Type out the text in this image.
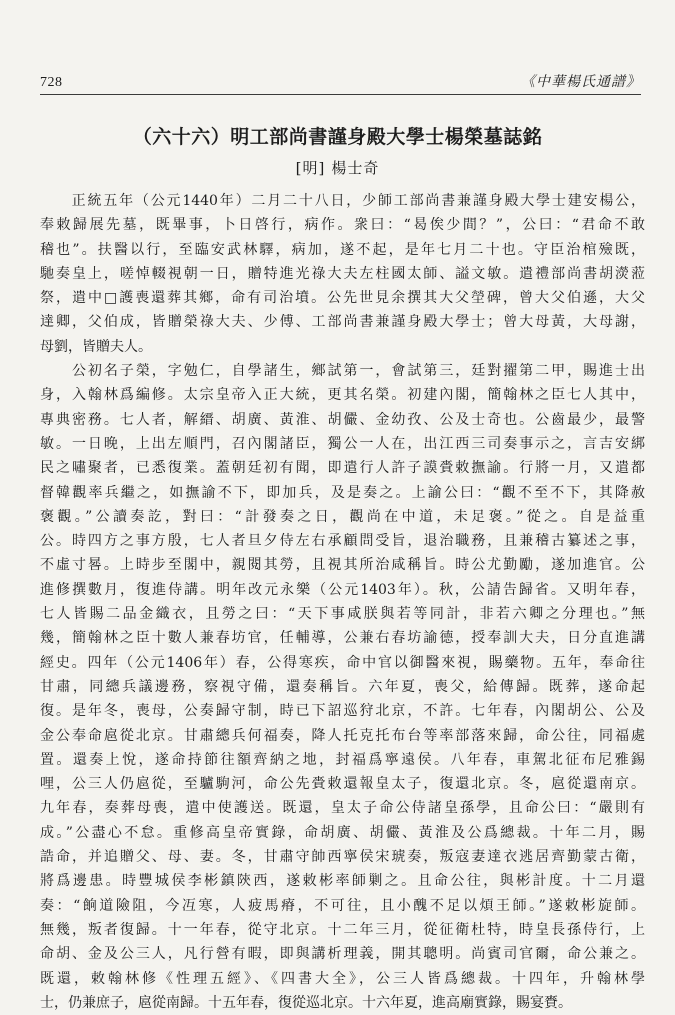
728	《中華楊氏通譜》
（六十六）明工部尚書謹身殿大學士楊榮墓誌銘
[明] 楊士奇
　　正統五年（公元1440年）二月二十八日，少師工部尚書兼謹身殿大學士建安楊公，
奉敕歸展先墓，既畢事，卜日啓行，病作。衆曰：“曷俟少間？”，公曰：“君命不敢
稽也”。扶醫以行，至臨安武林驛，病加，遂不起，是年七月二十也。守臣治棺殮既，
馳奏皇上，嗟悼輟視朝一日，贈特進光祿大夫左柱國太師、謚文敏。遣禮部尚書胡濙蒞
祭，遣中□護喪還葬其鄉，命有司治墳。公先世見余撰其大父塋碑，曾大父伯遜，大父
達卿，父伯成，皆贈榮祿大夫、少傅、工部尚書兼謹身殿大學士；曾大母黃，大母謝，
母劉，皆贈夫人。
　　公初名子榮，字勉仁，自學諸生，鄉試第一，會試第三，廷對擢第二甲，賜進士出
身，入翰林爲編修。太宗皇帝入正大統，更其名榮。初建內閣，簡翰林之臣七人其中，
專典密務。七人者，解縉、胡廣、黃淮、胡儼、金幼孜、公及士奇也。公齒最少，最警
敏。一日晚，上出左順門，召內閣諸臣，獨公一人在，出江西三司奏事示之，言吉安綁
民之嘯聚者，已悉復業。蓋朝廷初有聞，即遣行人許子謨賫敕撫諭。行將一月，又遣都
督韓觀率兵繼之，如撫諭不下，即加兵，及是奏之。上諭公曰：“觀不至不下，其降赦
褒觀。”公讀奏訖，對曰：“計發奏之日，觀尚在中道，未足褒。”從之。自是益重
公。時四方之事方殷，七人者旦夕侍左右承顧問受旨，退治職務，且兼稽古纂述之事，
不虛寸晷。上時步至閣中，親閱其勞，且視其所治咸稱旨。時公尤勤勵，遂加進官。公
進修撰數月，復進侍講。明年改元永樂（公元1403年）。秋，公請告歸省。又明年春，
七人皆賜二品金織衣，且勞之曰：“天下事咸朕與若等同計，非若六卿之分理也。”無
幾，簡翰林之臣十數人兼春坊官，任輔導，公兼右春坊諭德，授奉訓大夫，日分直進講
經史。四年（公元1406年）春，公得寒疾，命中官以御醫來視，賜藥物。五年，奉命往
甘肅，同總兵議邊務，察視守備，還奏稱旨。六年夏，喪父，給傳歸。既葬，遂命起
復。是年冬，喪母，公奏歸守制，時已下詔巡狩北京，不許。七年春，內閣胡公、公及
金公奉命扈從北京。甘肅總兵何福奏，降人托克托布台等率部落來歸，命公往，同福處
置。還奏上悅，遂命持節往額齊納之地，封福爲寧遠侯。八年春，車駕北征布尼雅錫
哩，公三人仍扈從，至驢駒河，命公先賫敕還報皇太子，復還北京。冬，扈從還南京。
九年春，奏葬母喪，遣中使護送。既還，皇太子命公侍諸皇孫學，且命公曰：“嚴則有
成。”公盡心不怠。重修高皇帝實錄，命胡廣、胡儼、黃淮及公爲總裁。十年二月，賜
誥命，并追贈父、母、妻。冬，甘肅守帥西寧侯宋琥奏，叛寇妻達衣逃居齊勤蒙古衛，
將爲邊患。時豐城侯李彬鎮陝西，遂敕彬率師剿之。且命公往，與彬計度。十二月還
奏：“餉道險阻，今冱寒，人疲馬瘠，不可往，且小醜不足以煩王師。”遂敕彬旋師。
無幾，叛者復歸。十一年春，從守北京。十二年三月，從征衛杜特，時皇長孫侍行，上
命胡、金及公三人，凡行營有暇，即與講析理義，開其聰明。尚賓司官爾，命公兼之。
既還，敕翰林修《性理五經》、《四書大全》，公三人皆爲總裁。十四年，升翰林學
士，仍兼庶子，扈從南歸。十五年春，復從巡北京。十六年夏，進高廟實錄，賜宴賚。
